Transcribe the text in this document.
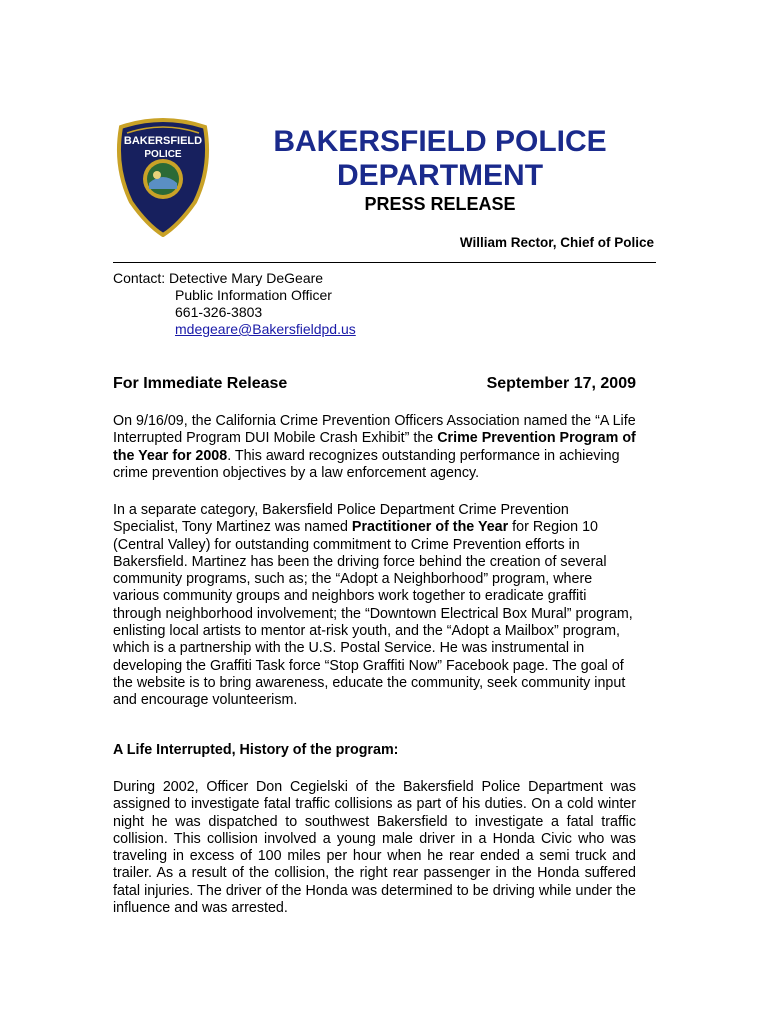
BAKERSFIELD
POLICE	BAKERSFIELD POLICE
DEPARTMENT
PRESS RELEASE
William Rector, Chief of Police
Contact: Detective Mary DeGeare
Public Information Officer
661-326-3803
mdegeare@Bakersfieldpd.us
For Immediate Release	September 17, 2009
On 9/16/09, the California Crime Prevention Officers Association named the “A Life Interrupted Program DUI Mobile Crash Exhibit” the Crime Prevention Program of the Year for 2008. This award recognizes outstanding performance in achieving crime prevention objectives by a law enforcement agency.
In a separate category, Bakersfield Police Department Crime Prevention Specialist, Tony Martinez was named Practitioner of the Year for Region 10 (Central Valley) for outstanding commitment to Crime Prevention efforts in Bakersfield. Martinez has been the driving force behind the creation of several community programs, such as; the “Adopt a Neighborhood” program, where various community groups and neighbors work together to eradicate graffiti through neighborhood involvement; the “Downtown Electrical Box Mural” program, enlisting local artists to mentor at-risk youth, and the “Adopt a Mailbox” program, which is a partnership with the U.S. Postal Service. He was instrumental in developing the Graffiti Task force “Stop Graffiti Now” Facebook page. The goal of the website is to bring awareness, educate the community, seek community input and encourage volunteerism.
A Life Interrupted, History of the program:
During 2002, Officer Don Cegielski of the Bakersfield Police Department was assigned to investigate fatal traffic collisions as part of his duties. On a cold winter night he was dispatched to southwest Bakersfield to investigate a fatal traffic collision. This collision involved a young male driver in a Honda Civic who was traveling in excess of 100 miles per hour when he rear ended a semi truck and trailer. As a result of the collision, the right rear passenger in the Honda suffered fatal injuries. The driver of the Honda was determined to be driving while under the influence and was arrested.
